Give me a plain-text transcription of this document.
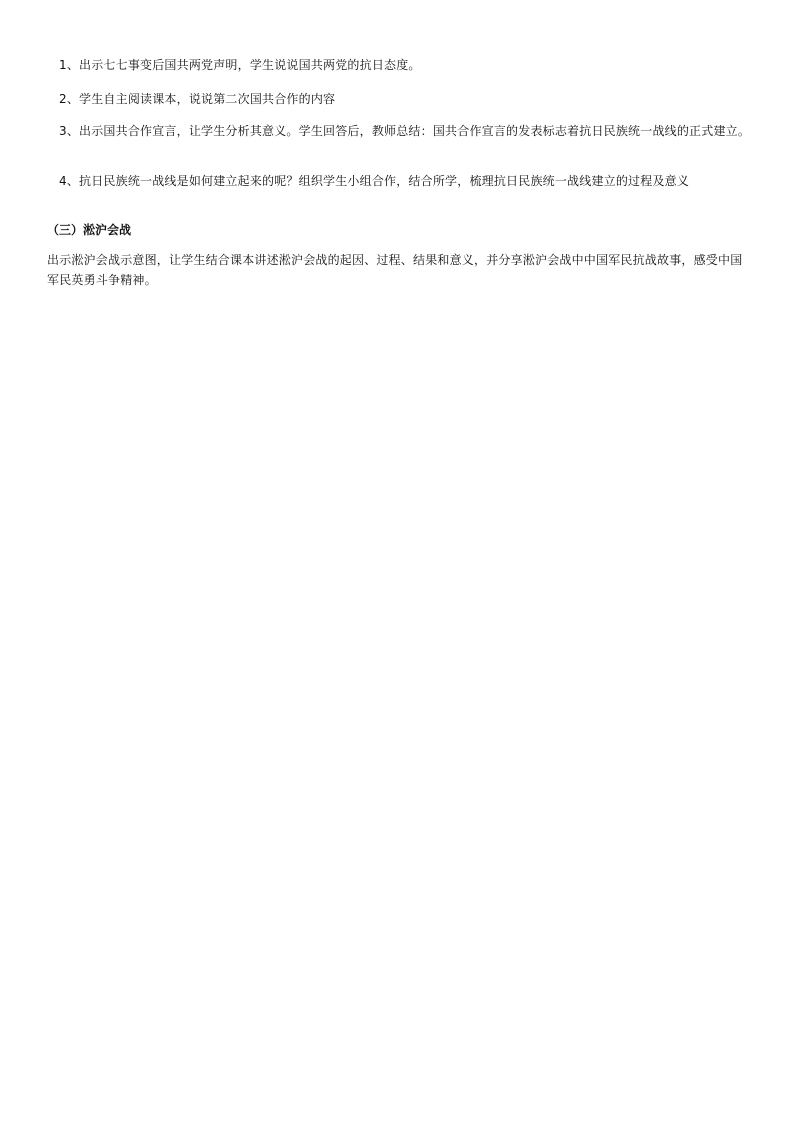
1、出示七七事变后国共两党声明，学生说说国共两党的抗日态度。

2、学生自主阅读课本，说说第二次国共合作的内容

3、出示国共合作宣言，让学生分析其意义。学生回答后，教师总结：国共合作宣言的发表标志着抗日民族统一战线的正式建立。

4、抗日民族统一战线是如何建立起来的呢？组织学生小组合作，结合所学，梳理抗日民族统一战线建立的过程及意义

（三）淞沪会战

出示淞沪会战示意图，让学生结合课本讲述淞沪会战的起因、过程、结果和意义，并分享淞沪会战中中国军民抗战故事，感受中国军民英勇斗争精神。
